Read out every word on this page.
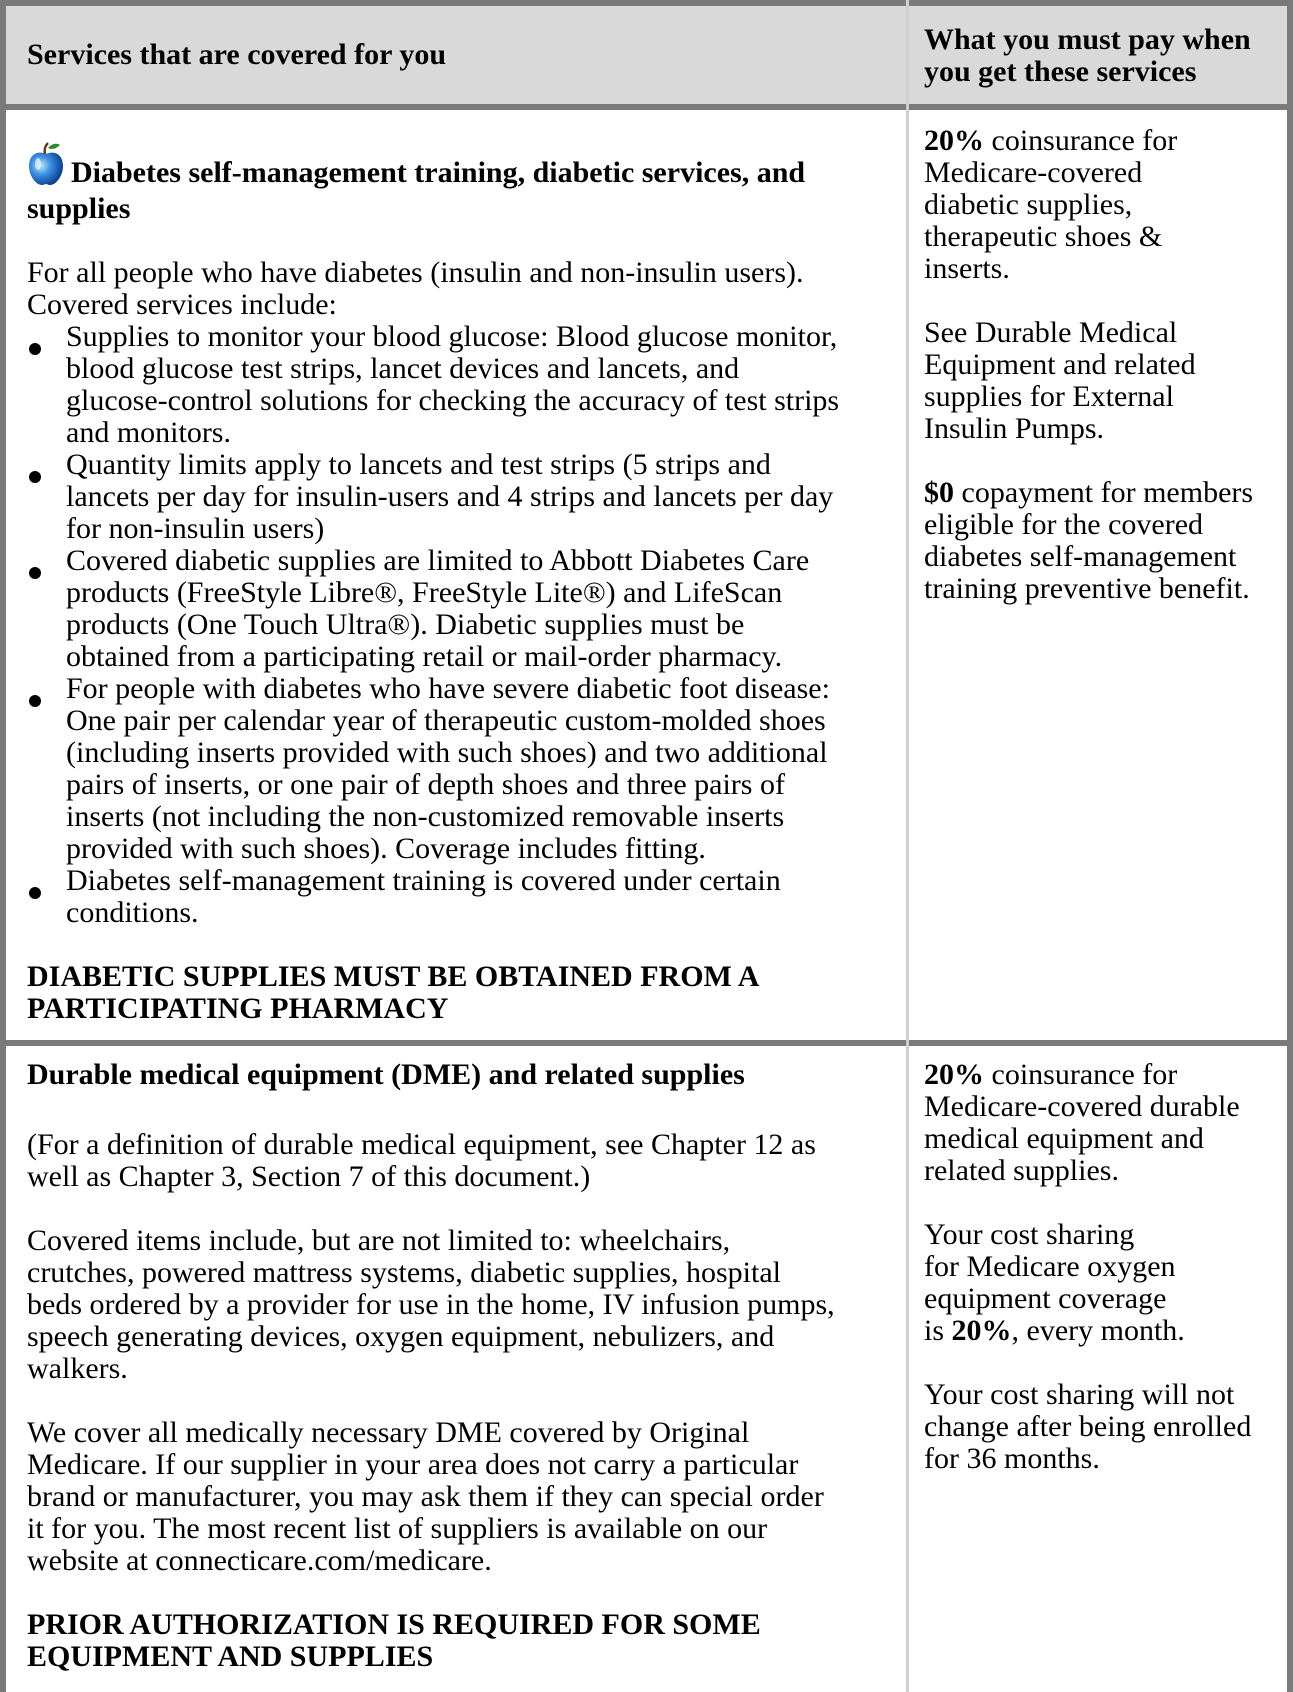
Services that are covered for you	What you must pay when
you get these services
Diabetes self-management training, diabetic services, and
supplies
For all people who have diabetes (insulin and non-insulin users).
Covered services include:
Supplies to monitor your blood glucose: Blood glucose monitor,
blood glucose test strips, lancet devices and lancets, and
glucose-control solutions for checking the accuracy of test strips
and monitors.
Quantity limits apply to lancets and test strips (5 strips and
lancets per day for insulin-users and 4 strips and lancets per day
for non-insulin users)
Covered diabetic supplies are limited to Abbott Diabetes Care
products (FreeStyle Libre®, FreeStyle Lite®) and LifeScan
products (One Touch Ultra®). Diabetic supplies must be
obtained from a participating retail or mail-order pharmacy.
For people with diabetes who have severe diabetic foot disease:
One pair per calendar year of therapeutic custom-molded shoes
(including inserts provided with such shoes) and two additional
pairs of inserts, or one pair of depth shoes and three pairs of
inserts (not including the non-customized removable inserts
provided with such shoes). Coverage includes fitting.
Diabetes self-management training is covered under certain
conditions.
DIABETIC SUPPLIES MUST BE OBTAINED FROM A
PARTICIPATING PHARMACY
20% coinsurance for
Medicare-covered
diabetic supplies,
therapeutic shoes &
inserts.
See Durable Medical
Equipment and related
supplies for External
Insulin Pumps.
$0 copayment for members
eligible for the covered
diabetes self-management
training preventive benefit.
Durable medical equipment (DME) and related supplies
(For a definition of durable medical equipment, see Chapter 12 as
well as Chapter 3, Section 7 of this document.)
Covered items include, but are not limited to: wheelchairs,
crutches, powered mattress systems, diabetic supplies, hospital
beds ordered by a provider for use in the home, IV infusion pumps,
speech generating devices, oxygen equipment, nebulizers, and
walkers.
We cover all medically necessary DME covered by Original
Medicare. If our supplier in your area does not carry a particular
brand or manufacturer, you may ask them if they can special order
it for you. The most recent list of suppliers is available on our
website at connecticare.com/medicare.
PRIOR AUTHORIZATION IS REQUIRED FOR SOME
EQUIPMENT AND SUPPLIES
20% coinsurance for
Medicare-covered durable
medical equipment and
related supplies.
Your cost sharing
for Medicare oxygen
equipment coverage
is 20%, every month.
Your cost sharing will not
change after being enrolled
for 36 months.
